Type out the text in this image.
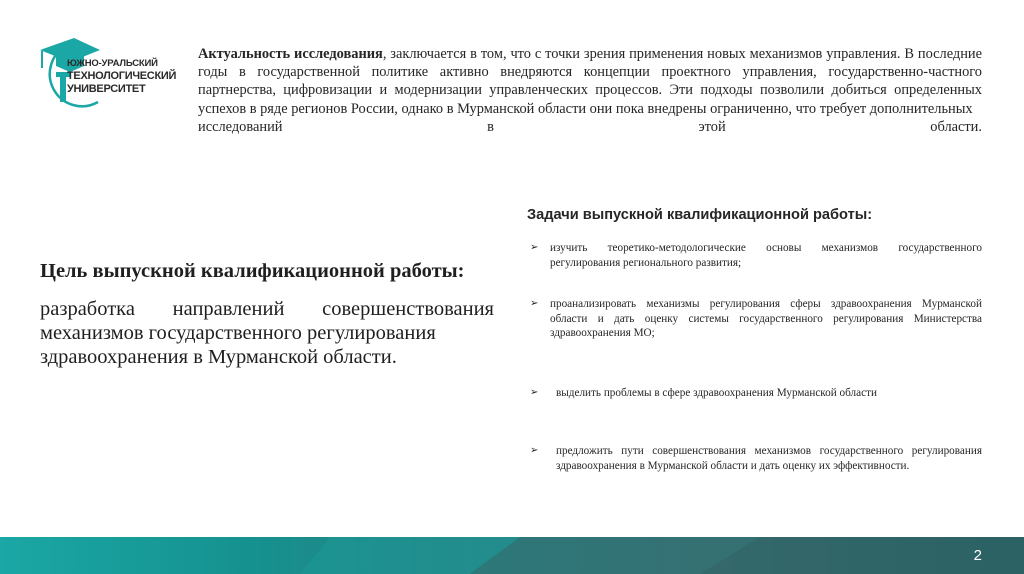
ЮЖНО-УРАЛЬСКИЙ
ТЕХНОЛОГИЧЕСКИЙ
УНИВЕРСИТЕТ
Актуальность исследования, заключается в том, что с точки зрения применения новых механизмов управления. В последние годы в государственной политике активно внедряются концепции проектного управления, государственно-частного партнерства, цифровизации и модернизации управленческих процессов. Эти подходы позволили добиться определенных успехов в ряде регионов России, однако в Мурманской области они пока внедрены ограниченно, что требует дополнительных
исследований	в	этой	области.
Цель выпускной квалификационной работы:
разработка направлений совершенствования механизмов государственного регулирования
здравоохранения в Мурманской области.
Задачи выпускной квалификационной работы:
➢ изучить теоретико-методологические основы механизмов государственного регулирования регионального развития;
➢ проанализировать механизмы регулирования сферы здравоохранения Мурманской области и дать оценку системы государственного регулирования Министерства здравоохранения МО;
➢ выделить проблемы в сфере здравоохранения Мурманской области
➢ предложить пути совершенствования механизмов государственного регулирования здравоохранения в Мурманской области и дать оценку их эффективности.
2
